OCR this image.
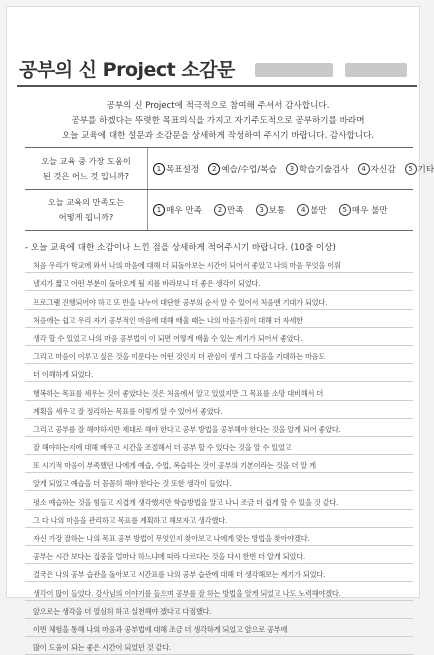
공부의 신 Project 소감문
공부의 신 Project에 적극적으로 참여해 주셔서 감사합니다.
공부를 하겠다는 뚜렷한 목표의식을 가지고 자기주도적으로 공부하기를 바라며
오늘 교육에 대한 설문과 소감문을 상세하게 작성하여 주시기 바랍니다. 감사합니다.
오늘 교육 중 가장 도움이
된 것은 어느 것 입니까?
1 목표설정	2 예습/수업/복습	3 학습기술검사	4 자신감	5 기타
오늘 교육의 만족도는
어떻게 됩니까?
1 매우 만족	2 만족	3 보통	4 불만	5 매우 불만
- 오늘 교육에 대한 소감이나 느낀 점을 상세하게 적어주시기 바랍니다. (10줄 이상)
처음 우리가 학교에 와서 나의 마음에 대해 더 되돌아보는 시간이 되어서 좋았고 나의 마음 무엇을 이뤄
낼지가 짧고 어떤 부분이 돌아오게 될 지를 바라보니 더 좋은 생각이 되었다.
프로그램 진행되어야 하고 또 반을 나누어 대단한 공부의 순서 알 수 있어서 처음엔 기대가 되었다.
처음에는 쉽고 우리 자기 공부적인 마음에 대해 배울 때는 나의 마음가짐이 대해 더 자세한
생각 할 수 있었고 나의 마음 공부법이 이 되면 어떻게 배울 수 있는 계기가 되어서 좋았다.
그리고 마음이 이루고 싶은 것을 이룬다는 어떤 것인지 더 관심이 생겨 그 다음을 기대하는 마음도
더 이해하게 되었다.
행복하는 목표를 세우는 것이 좋았다는 것은 처음에서 알고 있었지만 그 목표를 소망 대비해서 더
계획을 세우고 잘 정리하는 목표를 이렇게 알 수 있어서 좋았다.
그리고 공부를 잘 해야하지만 제대로 해야 한다고 공부 방법을 공부해야 한다는 것을 알게 되어 좋았다.
잘 해야하는지에 대해 배우고 시간을 조절해서 더 공부 할 수 있다는 것을 알 수 있었고
또 시기적 마음이 부족했던 나에게 예습, 수업, 복습하는 것이 공부의 기본이라는 것을 더 알 게
알게 되었고 예습을 더 꼼꼼히 해야 한다는 것 또한 생각이 들었다.
평소 예습하는 것을 힘들고 지겹게 생각했지만 학습방법을 알고 나니 조금 더 쉽게 할 수 있을 것 같다.
그 다 나의 마음을 관리하고 목표를 계획하고 해보자고 생각했다.
자신 가장 잘하는 나의 목표 공부 방법이 무엇인지 찾아보고 나에게 맞는 방법을 찾아야겠다.
공부는 시간 보다는 집중을 얼마나 하느냐에 따라 다르다는 것을 다시 한번 더 알게 되었다.
결국은 나의 공부 습관을 돌아보고 시간표를 나의 공부 습관에 대해 더 생각해보는 계기가 되었다.
생각이 많이 들었다. 강사님의 이야기를 들으며 공부를 잘 하는 방법을 알게 되었고 나도 노력해야겠다.
앞으로는 생각을 더 열심히 하고 실천해야 겠다고 다짐했다.
이번 체험을 통해 나의 마음과 공부법에 대해 조금 더 생각하게 되었고 앞으로 공부에
많이 도움이 되는 좋은 시간이 되었던 것 같다.
